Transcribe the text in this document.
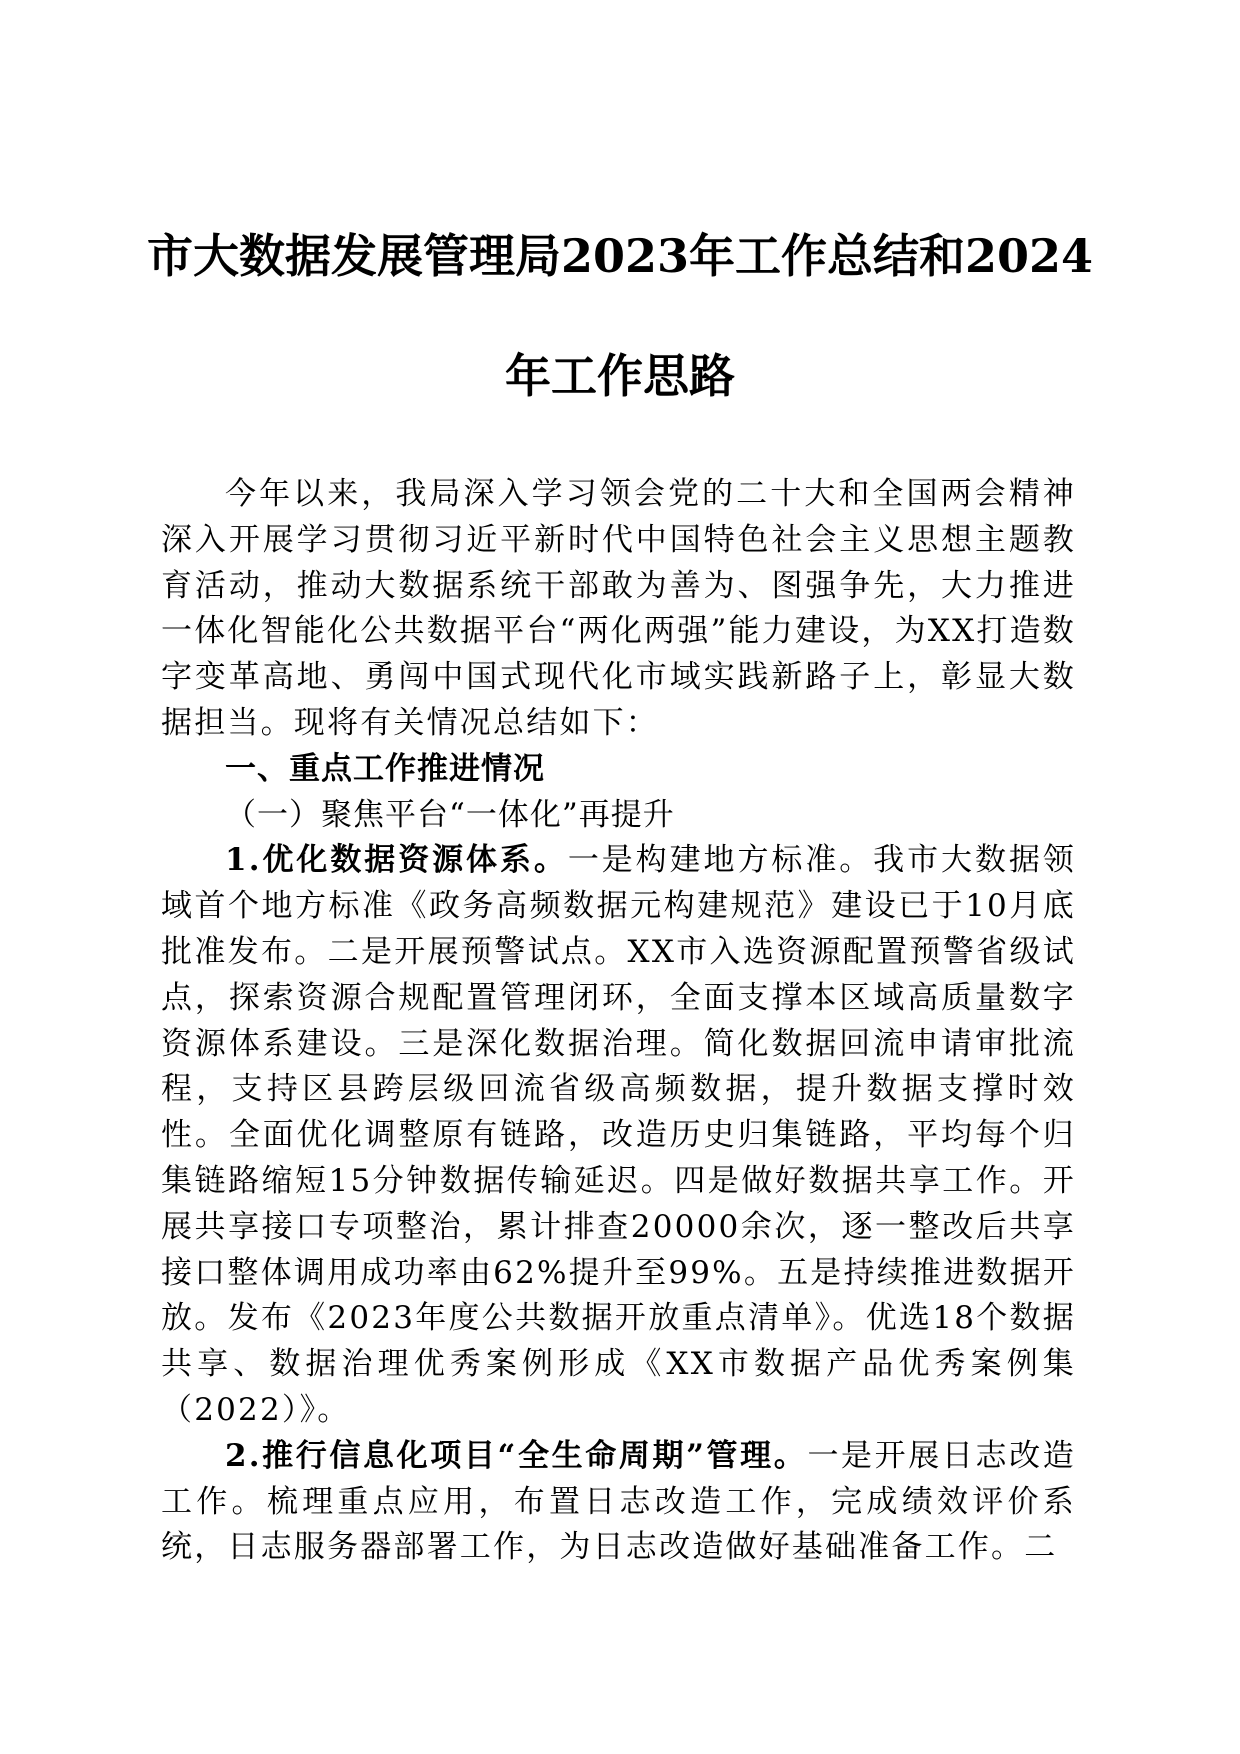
市大数据发展管理局2023年工作总结和2024
年工作思路

今年以来，我局深入学习领会党的二十大和全国两会精神深入开展学习贯彻习近平新时代中国特色社会主义思想主题教育活动，推动大数据系统干部敢为善为、图强争先，大力推进一体化智能化公共数据平台“两化两强”能力建设，为XX打造数字变革高地、勇闯中国式现代化市域实践新路子上，彰显大数据担当。现将有关情况总结如下：

一、重点工作推进情况

（一）聚焦平台“一体化”再提升

1.优化数据资源体系。一是构建地方标准。我市大数据领域首个地方标准《政务高频数据元构建规范》建设已于10月底批准发布。二是开展预警试点。XX市入选资源配置预警省级试点，探索资源合规配置管理闭环，全面支撑本区域高质量数字资源体系建设。三是深化数据治理。简化数据回流申请审批流程，支持区县跨层级回流省级高频数据，提升数据支撑时效性。全面优化调整原有链路，改造历史归集链路，平均每个归集链路缩短15分钟数据传输延迟。四是做好数据共享工作。开展共享接口专项整治，累计排查20000余次，逐一整改后共享接口整体调用成功率由62%提升至99%。五是持续推进数据开放。发布《2023年度公共数据开放重点清单》。优选18个数据共享、数据治理优秀案例形成《XX市数据产品优秀案例集（2022）》。

2.推行信息化项目“全生命周期”管理。一是开展日志改造工作。梳理重点应用，布置日志改造工作，完成绩效评价系统，日志服务器部署工作，为日志改造做好基础准备工作。二
